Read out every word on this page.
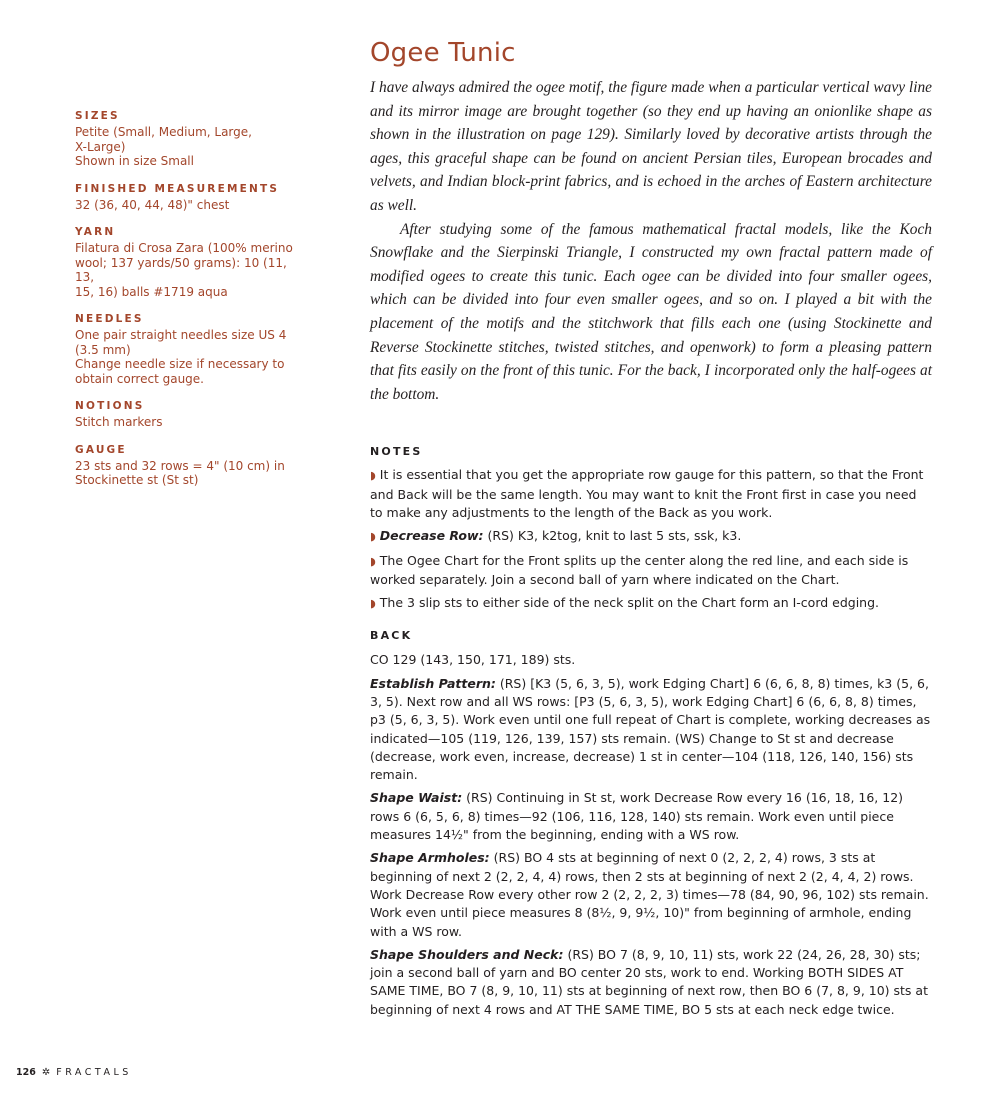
SIZES
Petite (Small, Medium, Large,
X-Large)
Shown in size Small
FINISHED MEASUREMENTS
32 (36, 40, 44, 48)" chest
YARN
Filatura di Crosa Zara (100% merino
wool; 137 yards/50 grams): 10 (11, 13,
15, 16) balls #1719 aqua
NEEDLES
One pair straight needles size US 4
(3.5 mm)
Change needle size if necessary to
obtain correct gauge.
NOTIONS
Stitch markers
GAUGE
23 sts and 32 rows = 4" (10 cm) in
Stockinette st (St st)
Ogee Tunic

I have always admired the ogee motif, the figure made when a particular vertical wavy line and its mirror image are brought together (so they end up having an onionlike shape as shown in the illustration on page 129). Similarly loved by decorative artists through the ages, this graceful shape can be found on ancient Persian tiles, European brocades and velvets, and Indian block-print fabrics, and is echoed in the arches of Eastern architecture as well.

After studying some of the famous mathematical fractal models, like the Koch Snowflake and the Sierpinski Triangle, I constructed my own fractal pattern made of modified ogees to create this tunic. Each ogee can be divided into four smaller ogees, which can be divided into four even smaller ogees, and so on. I played a bit with the placement of the motifs and the stitchwork that fills each one (using Stockinette and Reverse Stockinette stitches, twisted stitches, and openwork) to form a pleasing pattern that fits easily on the front of this tunic. For the back, I incorporated only the half-ogees at the bottom.

NOTES
◗ It is essential that you get the appropriate row gauge for this pattern, so that the Front and Back will be the same length. You may want to knit the Front first in case you need to make any adjustments to the length of the Back as you work.
◗ Decrease Row: (RS) K3, k2tog, knit to last 5 sts, ssk, k3.
◗ The Ogee Chart for the Front splits up the center along the red line, and each side is worked separately. Join a second ball of yarn where indicated on the Chart.
◗ The 3 slip sts to either side of the neck split on the Chart form an I-cord edging.
BACK

CO 129 (143, 150, 171, 189) sts.

Establish Pattern: (RS) [K3 (5, 6, 3, 5), work Edging Chart] 6 (6, 6, 8, 8) times, k3 (5, 6, 3, 5). Next row and all WS rows: [P3 (5, 6, 3, 5), work Edging Chart] 6 (6, 6, 8, 8) times, p3 (5, 6, 3, 5). Work even until one full repeat of Chart is complete, working decreases as indicated—105 (119, 126, 139, 157) sts remain. (WS) Change to St st and decrease (decrease, work even, increase, decrease) 1 st in center—104 (118, 126, 140, 156) sts remain.

Shape Waist: (RS) Continuing in St st, work Decrease Row every 16 (16, 18, 16, 12) rows 6 (6, 5, 6, 8) times—92 (106, 116, 128, 140) sts remain. Work even until piece measures 14½" from the beginning, ending with a WS row.

Shape Armholes: (RS) BO 4 sts at beginning of next 0 (2, 2, 2, 4) rows, 3 sts at beginning of next 2 (2, 2, 4, 4) rows, then 2 sts at beginning of next 2 (2, 4, 4, 2) rows. Work Decrease Row every other row 2 (2, 2, 2, 3) times—78 (84, 90, 96, 102) sts remain. Work even until piece measures 8 (8½, 9, 9½, 10)" from beginning of armhole, ending with a WS row.

Shape Shoulders and Neck: (RS) BO 7 (8, 9, 10, 11) sts, work 22 (24, 26, 28, 30) sts; join a second ball of yarn and BO center 20 sts, work to end. Working BOTH SIDES AT SAME TIME, BO 7 (8, 9, 10, 11) sts at beginning of next row, then BO 6 (7, 8, 9, 10) sts at beginning of next 4 rows and AT THE SAME TIME, BO 5 sts at each neck edge twice.

126 ✲ FRACTALS
